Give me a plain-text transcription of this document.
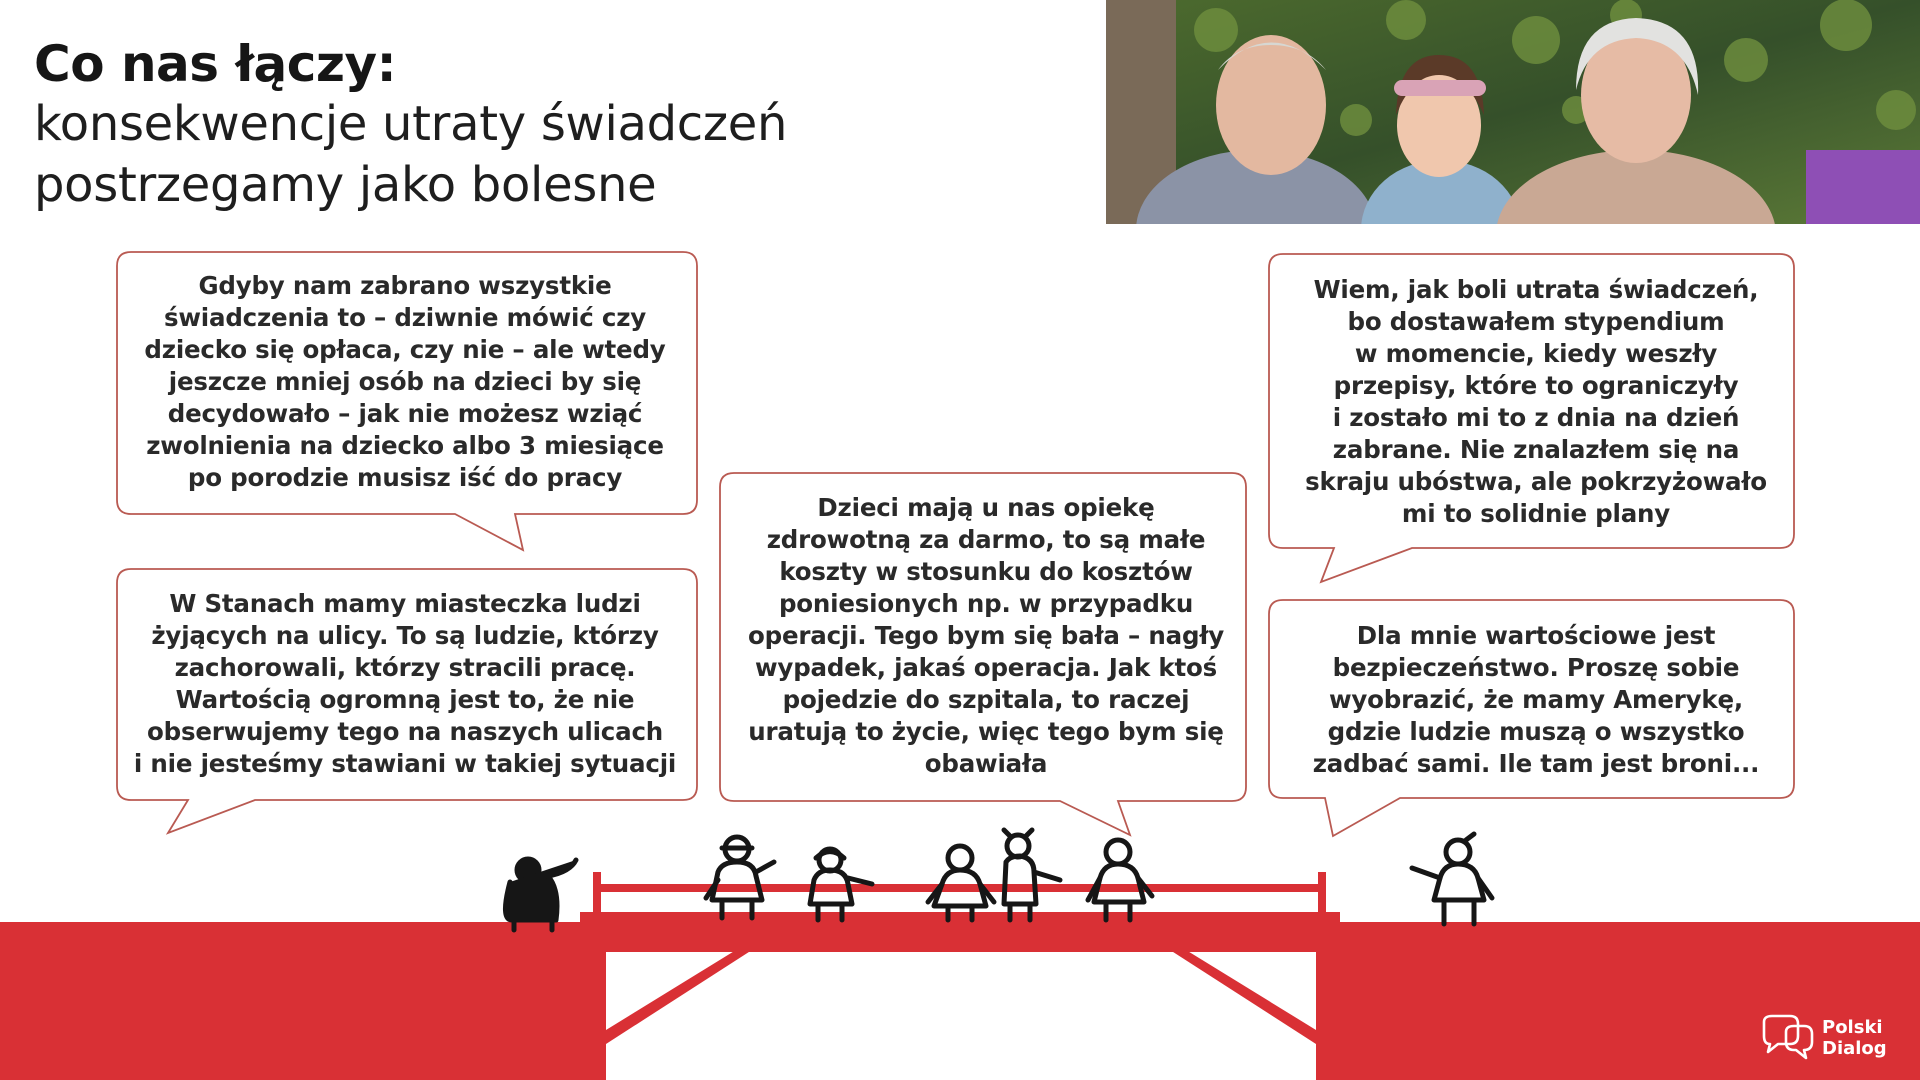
Co nas łączy:
konsekwencje utraty świadczeń
postrzegamy jako bolesne
Gdyby nam zabrano wszystkie
świadczenia to – dziwnie mówić czy
dziecko się opłaca, czy nie – ale wtedy
jeszcze mniej osób na dzieci by się
decydowało – jak nie możesz wziąć
zwolnienia na dziecko albo 3 miesiące
po porodzie musisz iść do pracy
W Stanach mamy miasteczka ludzi
żyjących na ulicy. To są ludzie, którzy
zachorowali, którzy stracili pracę.
Wartością ogromną jest to, że nie
obserwujemy tego na naszych ulicach
i nie jesteśmy stawiani w takiej sytuacji
Dzieci mają u nas opiekę
zdrowotną za darmo, to są małe
koszty w stosunku do kosztów
poniesionych np. w przypadku
operacji. Tego bym się bała – nagły
wypadek, jakaś operacja. Jak ktoś
pojedzie do szpitala, to raczej
uratują to życie, więc tego bym się
obawiała
Wiem, jak boli utrata świadczeń,
bo dostawałem stypendium
w momencie, kiedy weszły
przepisy, które to ograniczyły
i zostało mi to z dnia na dzień
zabrane. Nie znalazłem się na
skraju ubóstwa, ale pokrzyżowało
mi to solidnie plany
Dla mnie wartościowe jest
bezpieczeństwo. Proszę sobie
wyobrazić, że mamy Amerykę,
gdzie ludzie muszą o wszystko
zadbać sami. Ile tam jest broni...
Polski
Dialog
